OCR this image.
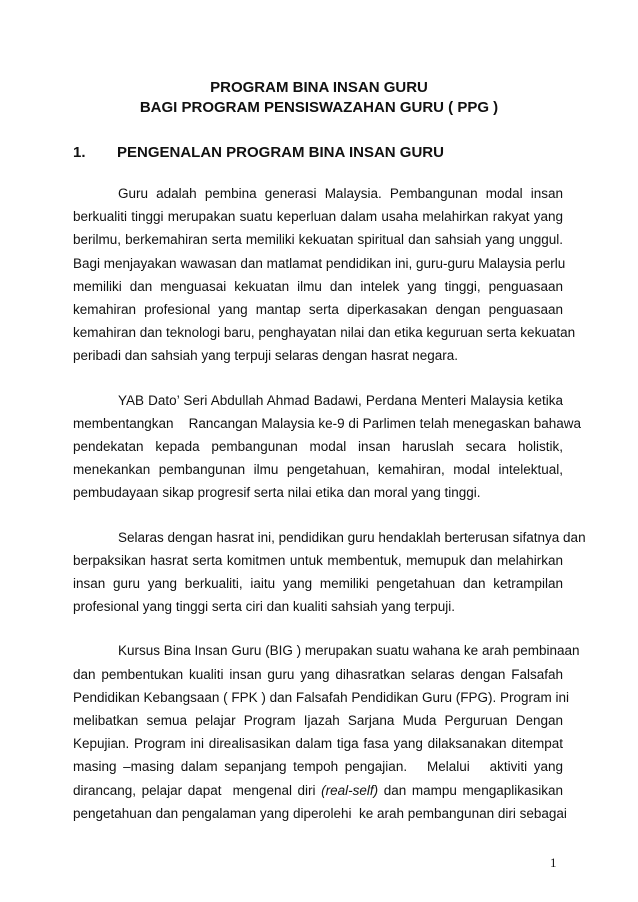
PROGRAM BINA INSAN GURU
BAGI PROGRAM PENSISWAZAHAN GURU ( PPG )
1. PENGENALAN PROGRAM BINA INSAN GURU
Guru adalah pembina generasi Malaysia. Pembangunan modal insan
berkualiti tinggi merupakan suatu keperluan dalam usaha melahirkan rakyat yang
berilmu, berkemahiran serta memiliki kekuatan spiritual dan sahsiah yang unggul.
Bagi menjayakan wawasan dan matlamat pendidikan ini, guru-guru Malaysia perlu
memiliki dan menguasai kekuatan ilmu dan intelek yang tinggi, penguasaan
kemahiran profesional yang mantap serta diperkasakan dengan penguasaan
kemahiran dan teknologi baru, penghayatan nilai dan etika keguruan serta kekuatan
peribadi dan sahsiah yang terpuji selaras dengan hasrat negara.
YAB Dato’ Seri Abdullah Ahmad Badawi, Perdana Menteri Malaysia ketika
membentangkan    Rancangan Malaysia ke-9 di Parlimen telah menegaskan bahawa
pendekatan kepada pembangunan modal insan haruslah secara holistik,
menekankan pembangunan ilmu pengetahuan, kemahiran, modal intelektual,
pembudayaan sikap progresif serta nilai etika dan moral yang tinggi.
Selaras dengan hasrat ini, pendidikan guru hendaklah berterusan sifatnya dan
berpaksikan hasrat serta komitmen untuk membentuk, memupuk dan melahirkan
insan guru yang berkualiti, iaitu yang memiliki pengetahuan dan ketrampilan
profesional yang tinggi serta ciri dan kualiti sahsiah yang terpuji.
Kursus Bina Insan Guru (BIG ) merupakan suatu wahana ke arah pembinaan
dan pembentukan kualiti insan guru yang dihasratkan selaras dengan Falsafah
Pendidikan Kebangsaan ( FPK ) dan Falsafah Pendidikan Guru (FPG). Program ini
melibatkan semua pelajar Program Ijazah Sarjana Muda Perguruan Dengan
Kepujian. Program ini direalisasikan dalam tiga fasa yang dilaksanakan ditempat
masing –masing dalam sepanjang tempoh pengajian.   Melalui   aktiviti yang
dirancang, pelajar dapat  mengenal diri (real-self) dan mampu mengaplikasikan
pengetahuan dan pengalaman yang diperolehi  ke arah pembangunan diri sebagai
1
